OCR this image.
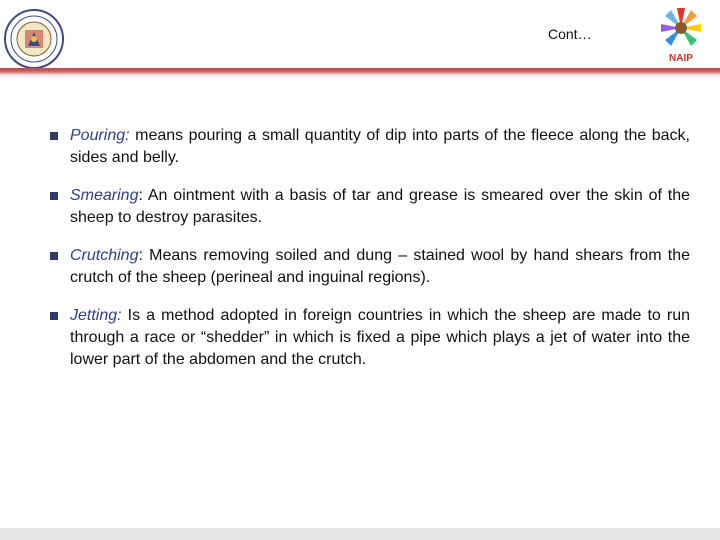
Cont…
NAIP
Pouring: means pouring a small quantity of dip into parts of the fleece along the back, sides and belly.
Smearing: An ointment with a basis of tar and grease is smeared over the skin of the sheep to destroy parasites.
Crutching: Means removing soiled and dung – stained wool by hand shears from the crutch of the sheep (perineal and inguinal regions).
Jetting: Is a method adopted in foreign countries in which the sheep are made to run through a race or “shedder” in which is fixed a pipe which plays a jet of water into the lower part of the abdomen and the crutch.
